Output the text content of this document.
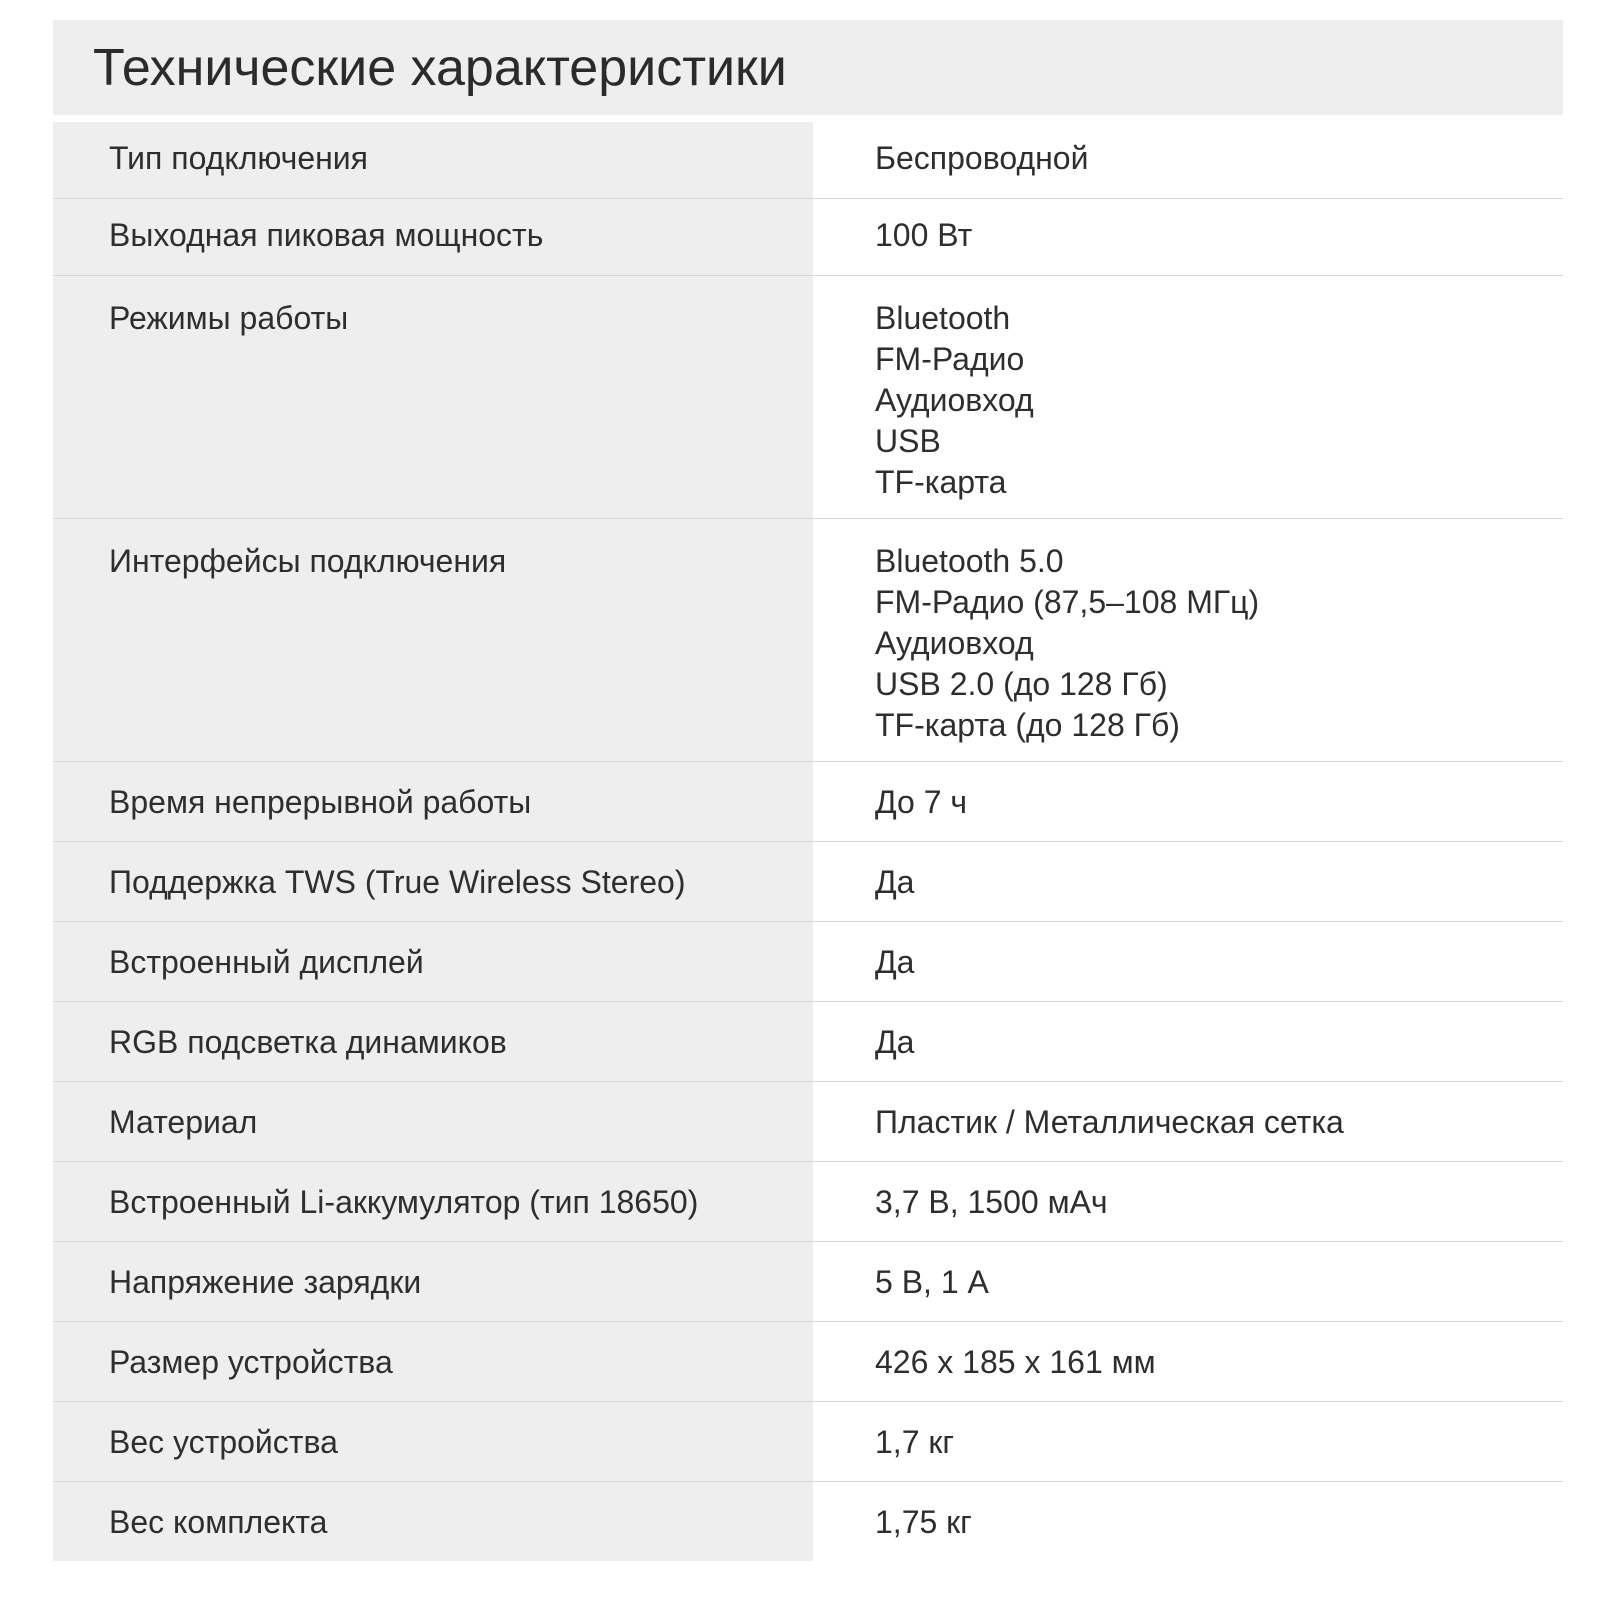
Технические характеристики
Тип подключения	Беспроводной
Выходная пиковая мощность	100 Вт
Режимы работы	Bluetooth
FM-Радио
Аудиовход
USB
TF-карта
Интерфейсы подключения	Bluetooth 5.0
FM-Радио (87,5–108 МГц)
Аудиовход
USB 2.0 (до 128 Гб)
TF-карта (до 128 Гб)
Время непрерывной работы	До 7 ч
Поддержка TWS (True Wireless Stereo)	Да
Встроенный дисплей	Да
RGB подсветка динамиков	Да
Материал	Пластик / Металлическая сетка
Встроенный Li-аккумулятор (тип 18650)	3,7 В, 1500 мАч
Напряжение зарядки	5 В, 1 А
Размер устройства	426 x 185 x 161 мм
Вес устройства	1,7 кг
Вес комплекта	1,75 кг
